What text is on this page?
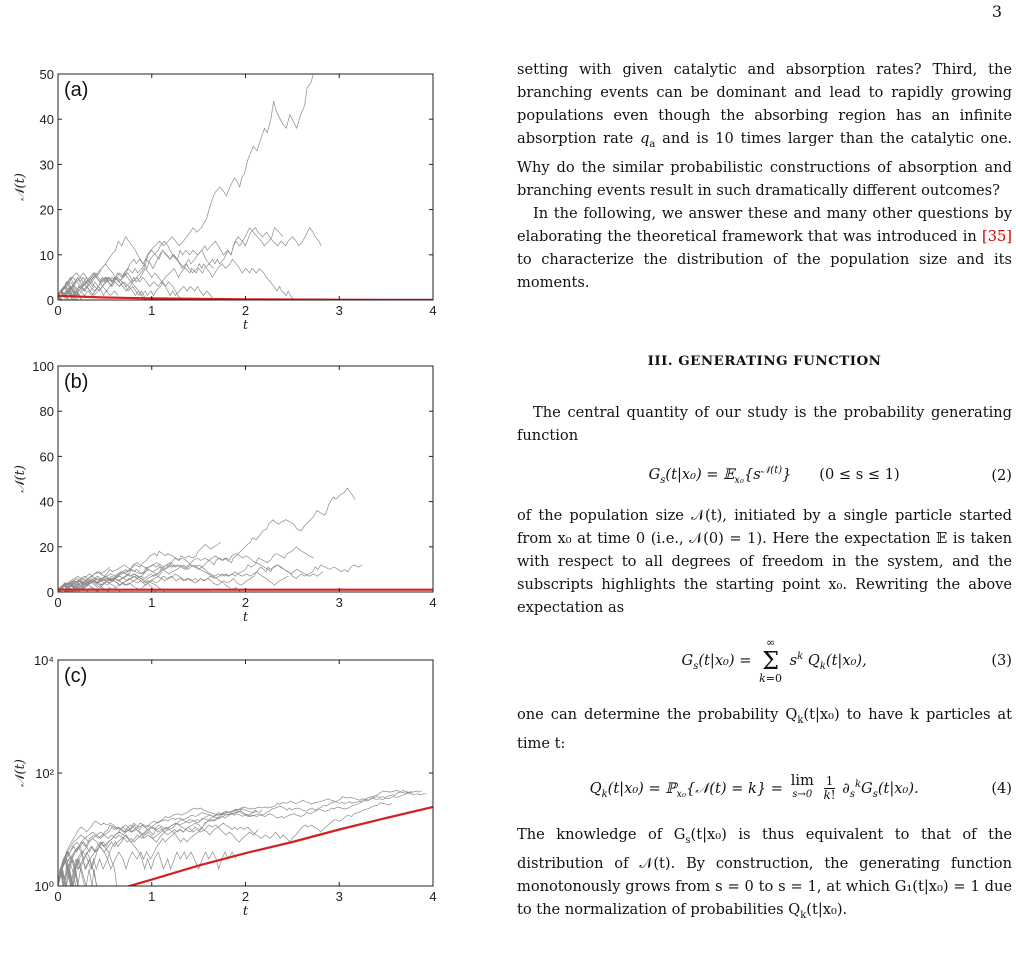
3
0	1	2	3	4
0
10
20
30
40
50
t
𝒩(t)
(a)
0	1	2	3	4
0
20
40
60
80
100
t
𝒩(t)
(b)
0	1	2	3	4
10⁰
10²
10⁴
t
𝒩(t)
(c)

setting with given catalytic and absorption rates? Third, the branching events can be dominant and lead to rapidly growing populations even though the absorbing region has an infinite absorption rate $q_a$ and is 10 times larger than the catalytic one. Why do the similar probabilistic constructions of absorption and branching events result in such dramatically different outcomes?

In the following, we answer these and many other questions by elaborating the theoretical framework that was introduced in [35] to characterize the distribution of the population size and its moments.

III. GENERATING FUNCTION

The central quantity of our study is the probability generating function

$G_s(t|x_0)$ = $𝔼_{x_0}\{s^{𝒩(t)}\}$      (0 ≤ s ≤ 1)	(2)

of the population size 𝒩(t), initiated by a single particle started from x₀ at time 0 (i.e., 𝒩(0) = 1). Here the expectation 𝔼 is taken with respect to all degrees of freedom in the system, and the subscripts highlights the starting point x₀. Rewriting the above expectation as

$G_s(t|x_0)$ =
∞
Σ
k=0
$s^k$ $Q_k(t|x_0)$,	(3)

one can determine the probability $Q_k(t|x_0)$ to have k particles at time t:

$Q_k(t|x_0)$ = ℙ$_{x_0}${𝒩(t) = k} = lim
s→0
$\frac{1}{k!} \partial_s^kG_s(t|x_0)$.	(4)

The knowledge of $G_s(t|x_0)$ is thus equivalent to that of the distribution of 𝒩(t). By construction, the generating function monotonously grows from s = 0 to s = 1, at which G₁(t|x₀) = 1 due to the normalization of probabilities $Q_k(t|x_0)$.
